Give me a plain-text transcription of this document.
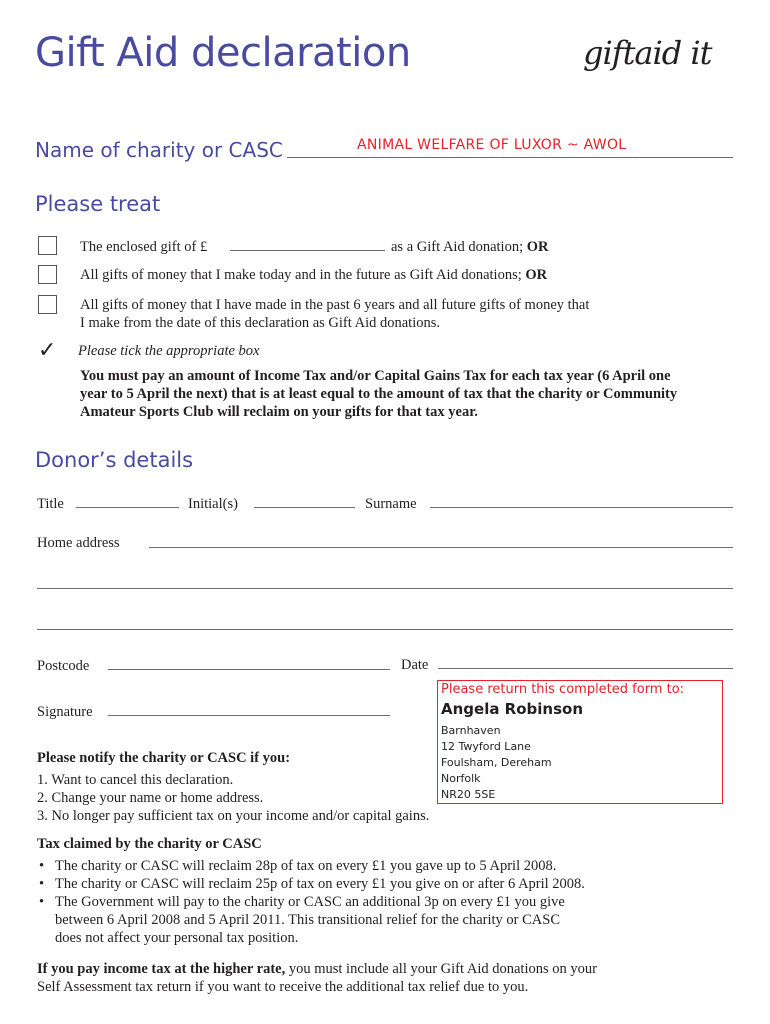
Gift Aid declaration	giftaid it
Name of charity or CASC	ANIMAL WELFARE OF LUXOR ~ AWOL
Please treat
The enclosed gift of £	as a Gift Aid donation; OR
All gifts of money that I make today and in the future as Gift Aid donations; OR
All gifts of money that I have made in the past 6 years and all future gifts of money that
I make from the date of this declaration as Gift Aid donations.
✓ Please tick the appropriate box
You must pay an amount of Income Tax and/or Capital Gains Tax for each tax year (6 April one
year to 5 April the next) that is at least equal to the amount of tax that the charity or Community
Amateur Sports Club will reclaim on your gifts for that tax year.
Donor’s details
Title	Initial(s)	Surname
Home address
Postcode	Date
Signature
Please return this completed form to:
Angela Robinson
Barnhaven
12 Twyford Lane
Foulsham, Dereham
Norfolk
NR20 5SE
Please notify the charity or CASC if you:
1. Want to cancel this declaration.
2. Change your name or home address.
3. No longer pay sufficient tax on your income and/or capital gains.
Tax claimed by the charity or CASC
• The charity or CASC will reclaim 28p of tax on every £1 you gave up to 5 April 2008.
• The charity or CASC will reclaim 25p of tax on every £1 you give on or after 6 April 2008.
• The Government will pay to the charity or CASC an additional 3p on every £1 you give
between 6 April 2008 and 5 April 2011. This transitional relief for the charity or CASC
does not affect your personal tax position.
If you pay income tax at the higher rate, you must include all your Gift Aid donations on your
Self Assessment tax return if you want to receive the additional tax relief due to you.
